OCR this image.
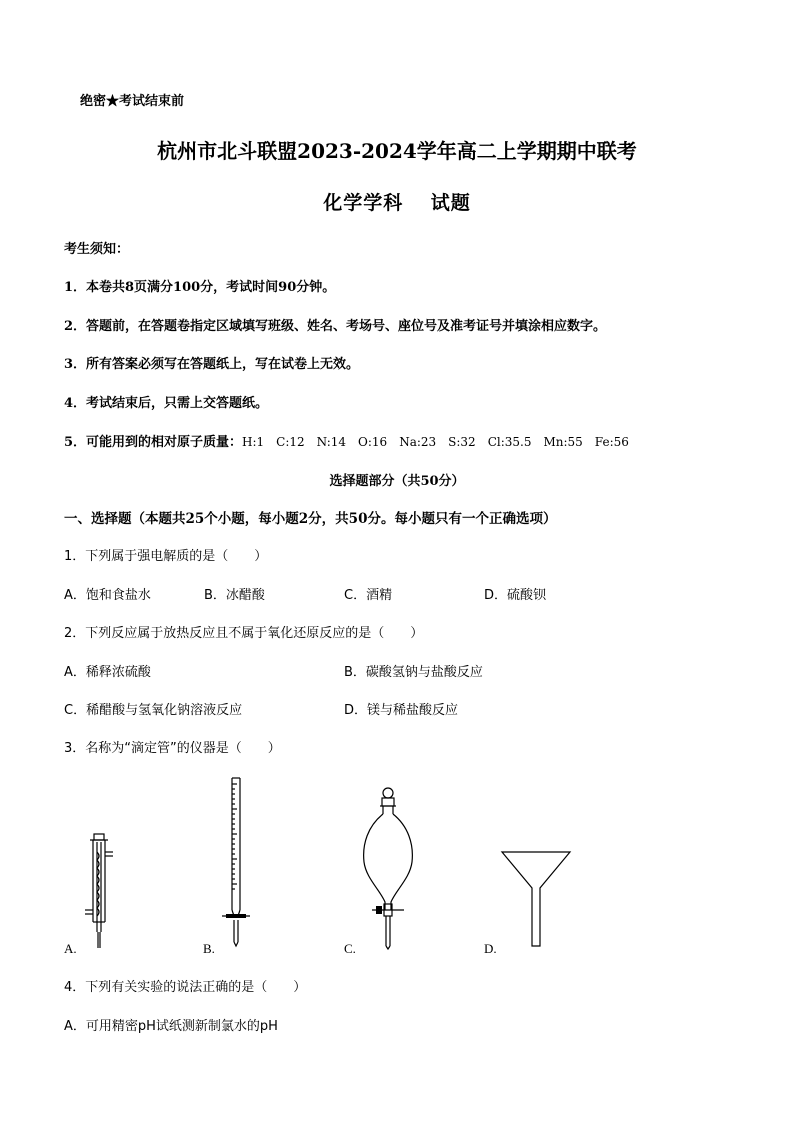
绝密★考试结束前
杭州市北斗联盟2023-2024学年高二上学期期中联考
化学学科　 试题
考生须知：
1．本卷共8页满分100分，考试时间90分钟。
2．答题前，在答题卷指定区域填写班级、姓名、考场号、座位号及准考证号并填涂相应数字。
3．所有答案必须写在答题纸上，写在试卷上无效。
4．考试结束后，只需上交答题纸。
5．可能用到的相对原子质量：H:1　C:12　N:14　O:16　Na:23　S:32　Cl:35.5　Mn:55　Fe:56
选择题部分（共50分）
一、选择题（本题共25个小题，每小题2分，共50分。每小题只有一个正确选项）
1．下列属于强电解质的是（　　）
A．饱和食盐水	B．冰醋酸	C．酒精	D．硫酸钡
2．下列反应属于放热反应且不属于氧化还原反应的是（　　）
A．稀释浓硫酸	B．碳酸氢钠与盐酸反应
C．稀醋酸与氢氧化钠溶液反应	D．镁与稀盐酸反应
3．名称为“滴定管”的仪器是（　　）
A.	B.	C.	D.
4．下列有关实验的说法正确的是（　　）
A．可用精密pH试纸测新制氯水的pH
